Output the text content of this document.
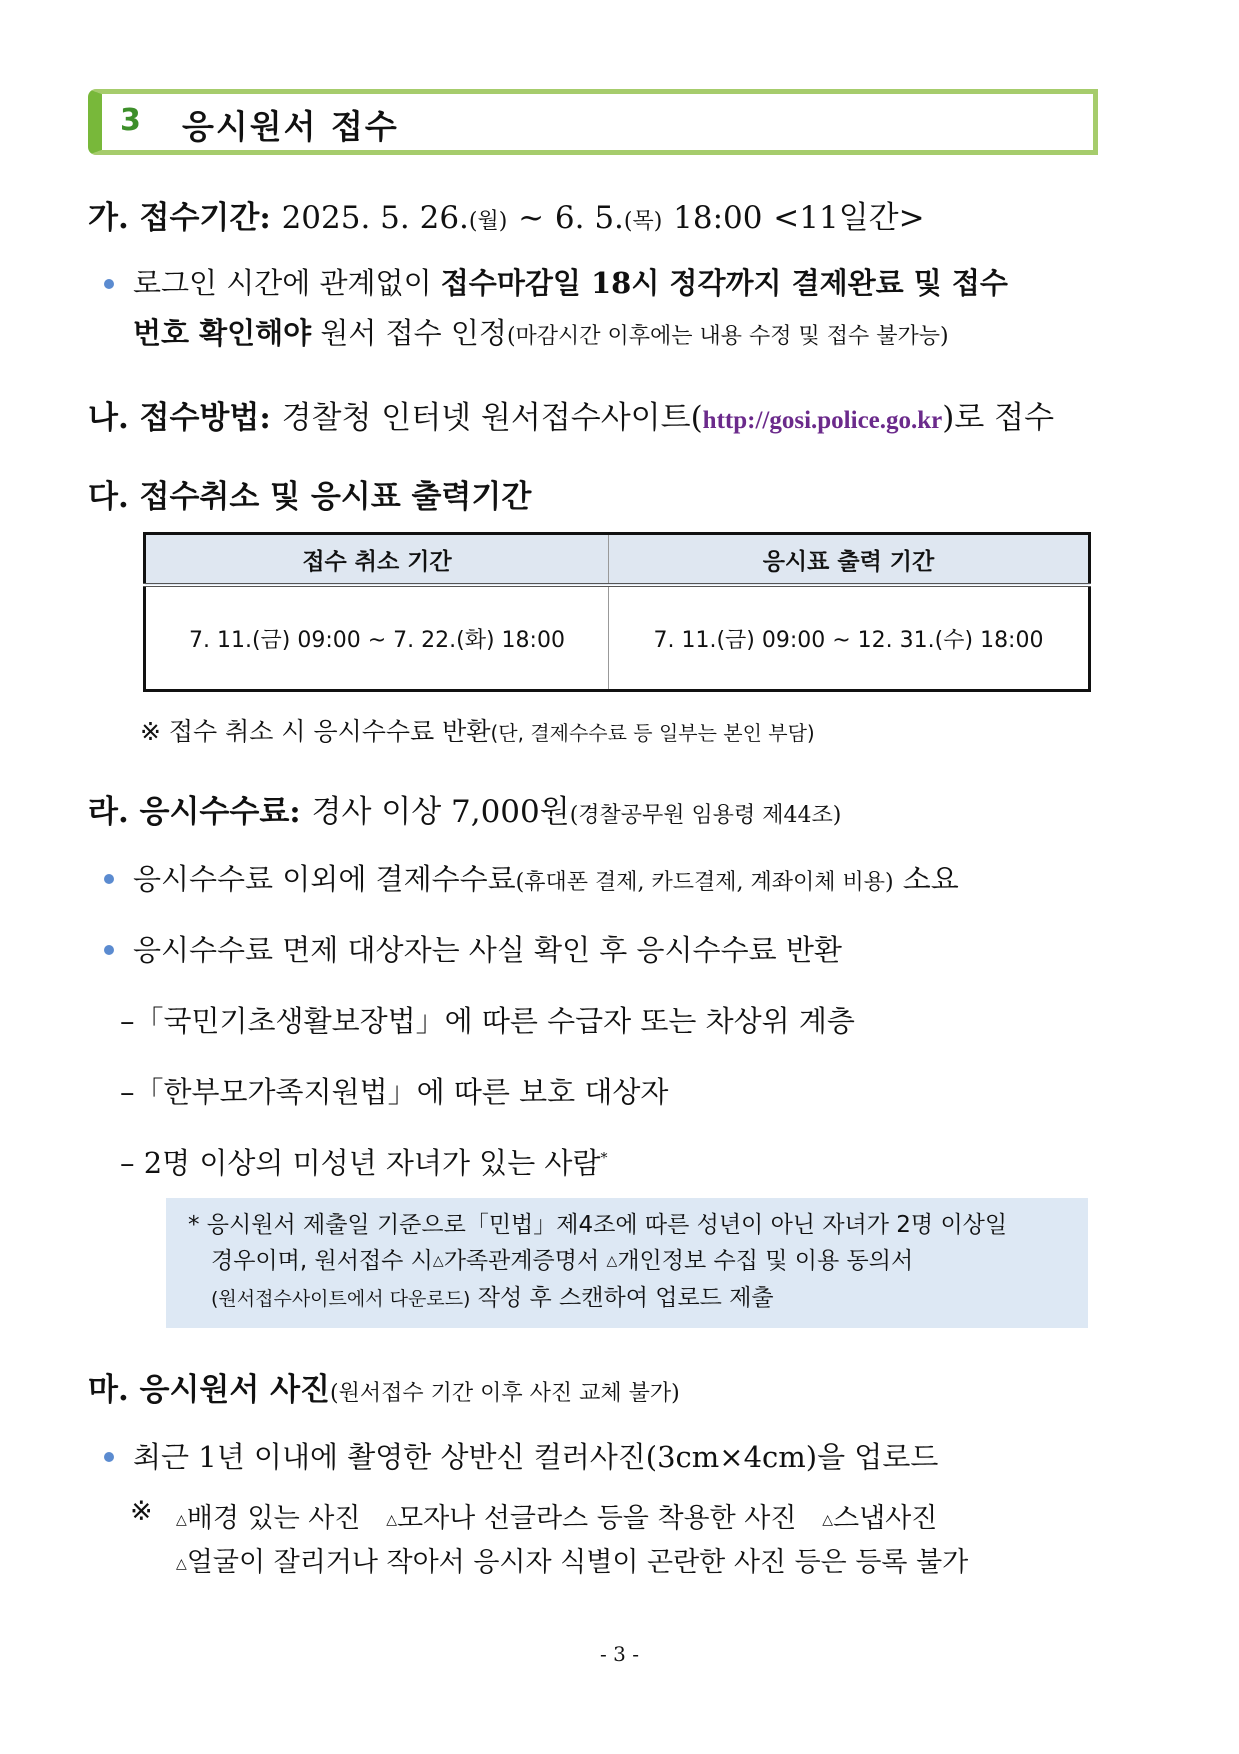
3 응시원서 접수
가. 접수기간: 2025. 5. 26.(월) ~ 6. 5.(목) 18:00 <11일간>
로그인 시간에 관계없이 접수마감일 18시 정각까지 결제완료 및 접수
번호 확인해야 원서 접수 인정(마감시간 이후에는 내용 수정 및 접수 불가능)
나. 접수방법: 경찰청 인터넷 원서접수사이트(http://gosi.police.go.kr)로 접수
다. 접수취소 및 응시표 출력기간
접수 취소 기간	응시표 출력 기간
7. 11.(금) 09:00 ~ 7. 22.(화) 18:00	7. 11.(금) 09:00 ~ 12. 31.(수) 18:00
※ 접수 취소 시 응시수수료 반환(단, 결제수수료 등 일부는 본인 부담)
라. 응시수수료: 경사 이상 7,000원(경찰공무원 임용령 제44조)
응시수수료 이외에 결제수수료(휴대폰 결제, 카드결제, 계좌이체 비용) 소요
응시수수료 면제 대상자는 사실 확인 후 응시수수료 반환
–「국민기초생활보장법」에 따른 수급자 또는 차상위 계층
–「한부모가족지원법」에 따른 보호 대상자
– 2명 이상의 미성년 자녀가 있는 사람*
* 응시원서 제출일 기준으로「민법」제4조에 따른 성년이 아닌 자녀가 2명 이상일
경우이며, 원서접수 시△가족관계증명서 △개인정보 수집 및 이용 동의서
(원서접수사이트에서 다운로드) 작성 후 스캔하여 업로드 제출
마. 응시원서 사진(원서접수 기간 이후 사진 교체 불가)
최근 1년 이내에 촬영한 상반신 컬러사진(3cm×4cm)을 업로드
※	△배경 있는 사진 △모자나 선글라스 등을 착용한 사진 △스냅사진
△얼굴이 잘리거나 작아서 응시자 식별이 곤란한 사진 등은 등록 불가
- 3 -
